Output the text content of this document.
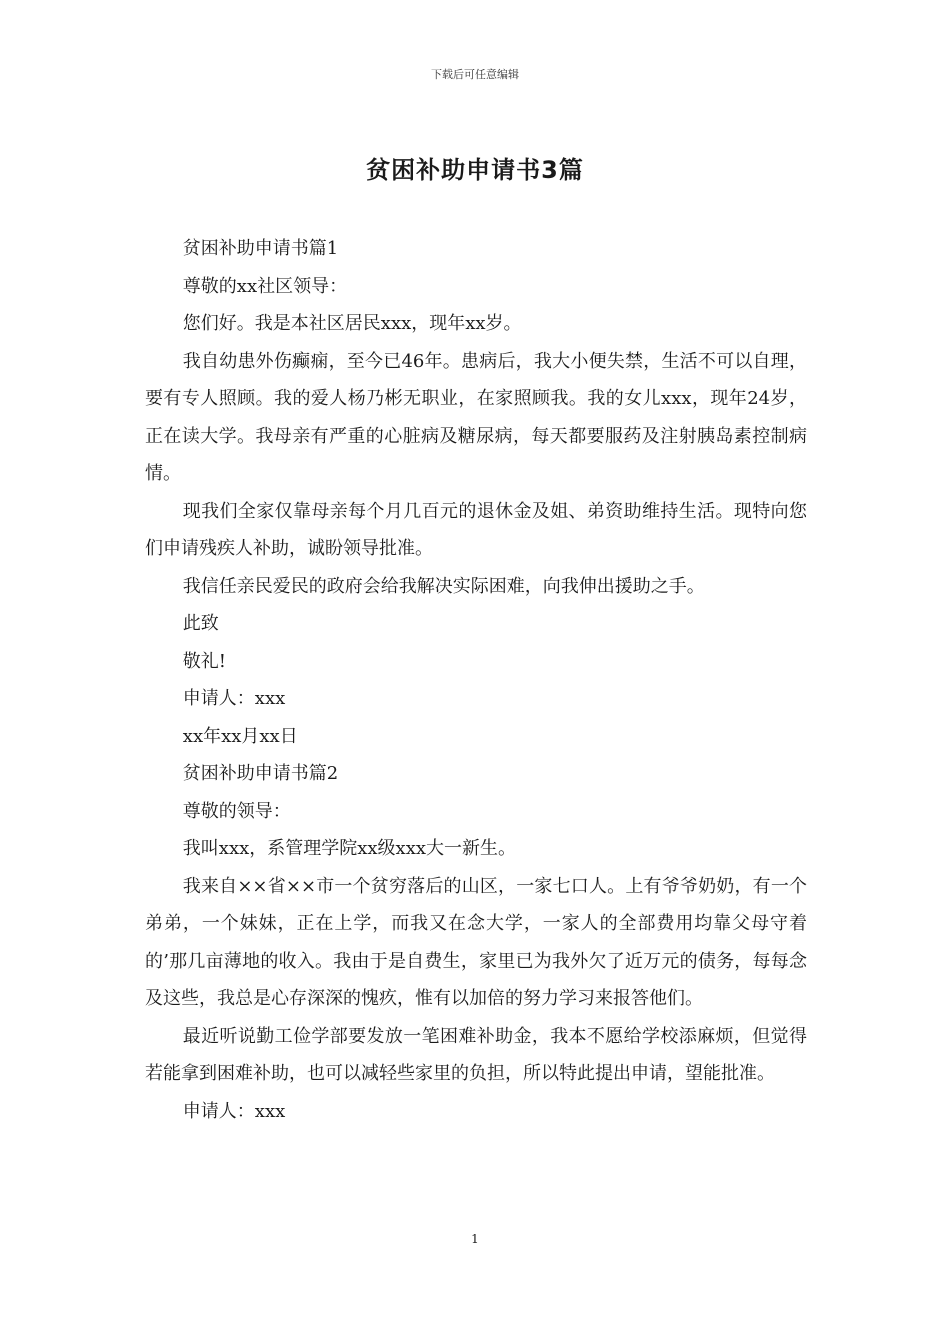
下载后可任意编辑
贫困补助申请书3篇

贫困补助申请书篇1

尊敬的xx社区领导：

您们好。我是本社区居民xxx，现年xx岁。

我自幼患外伤癫痫，至今已46年。患病后，我大小便失禁，生活不可以自理，要有专人照顾。我的爱人杨乃彬无职业，在家照顾我。我的女儿xxx，现年24岁，正在读大学。我母亲有严重的心脏病及糖尿病，每天都要服药及注射胰岛素控制病情。

现我们全家仅靠母亲每个月几百元的退休金及姐、弟资助维持生活。现特向您们申请残疾人补助，诚盼领导批准。

我信任亲民爱民的政府会给我解决实际困难，向我伸出援助之手。

此致

敬礼!

申请人：xxx

xx年xx月xx日

贫困补助申请书篇2

尊敬的领导：

我叫xxx，系管理学院xx级xxx大一新生。

我来自××省××市一个贫穷落后的山区，一家七口人。上有爷爷奶奶，有一个弟弟，一个妹妹，正在上学，而我又在念大学，一家人的全部费用均靠父母守着的’那几亩薄地的收入。我由于是自费生，家里已为我外欠了近万元的债务，每每念及这些，我总是心存深深的愧疚，惟有以加倍的努力学习来报答他们。

最近听说勤工俭学部要发放一笔困难补助金，我本不愿给学校添麻烦，但觉得若能拿到困难补助，也可以减轻些家里的负担，所以特此提出申请，望能批准。

申请人：xxx

1
